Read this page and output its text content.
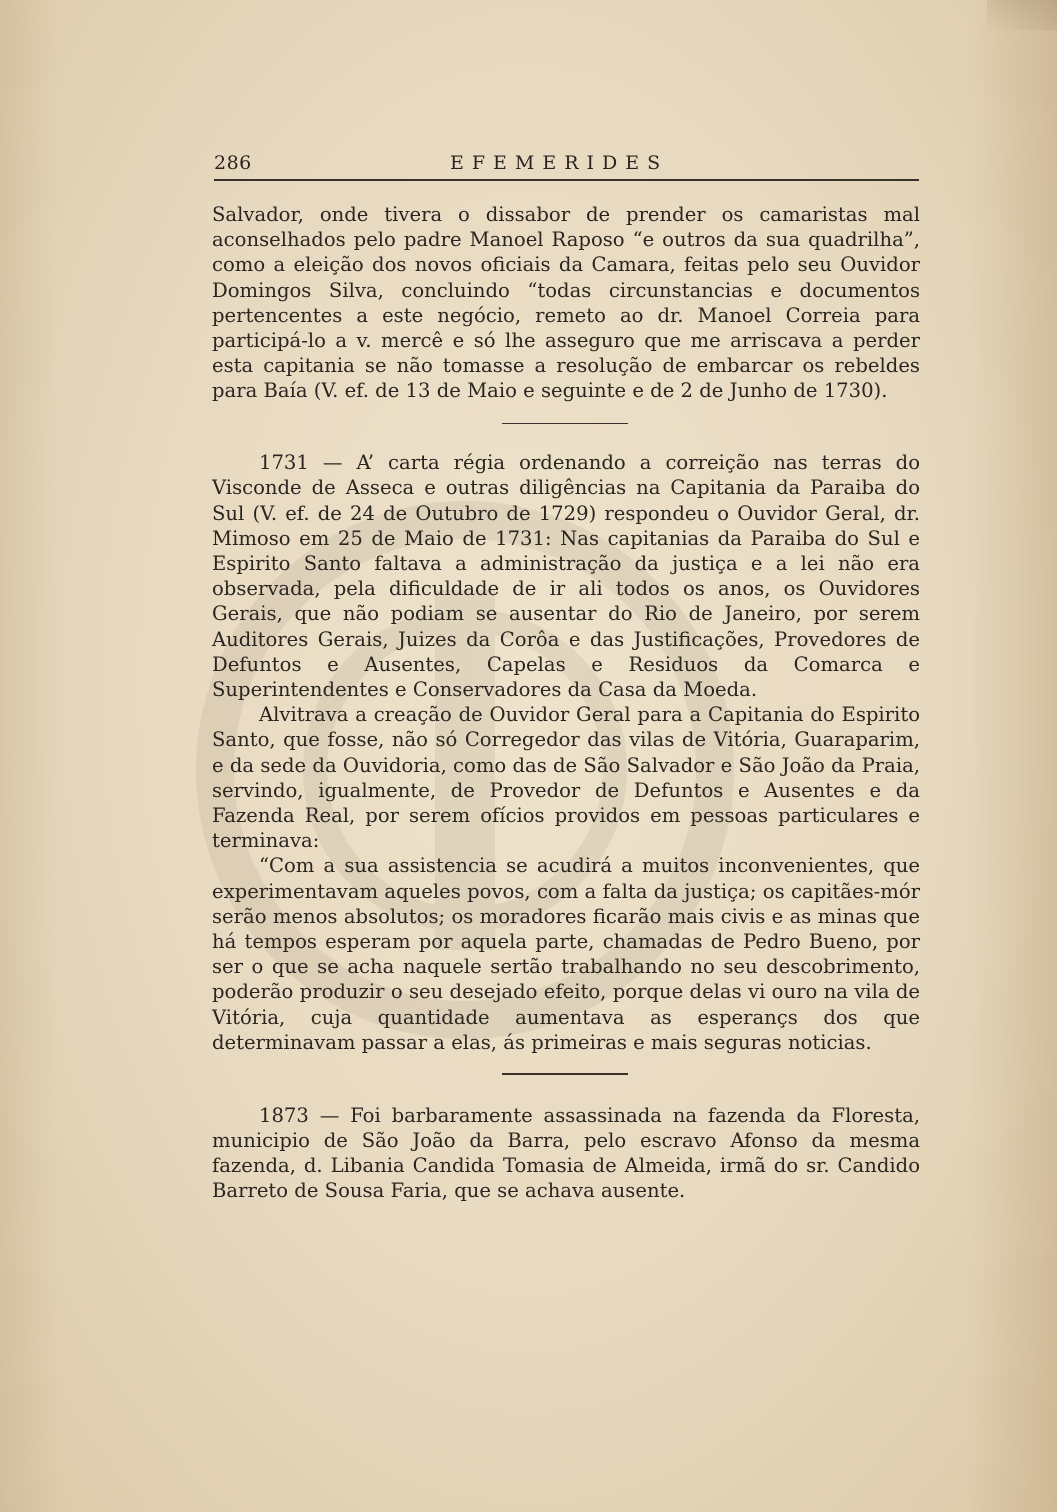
286	EFEMERIDES

Salvador, onde tivera o dissabor de prender os camaristas mal aconselhados pelo padre Manoel Raposo “e outros da sua quadrilha”, como a eleição dos novos oficiais da Camara, feitas pelo seu Ouvidor Domingos Silva, concluindo “todas circunstancias e documentos pertencentes a este negócio, remeto ao dr. Manoel Correia para participá-lo a v. mercê e só lhe asseguro que me arriscava a perder esta capitania se não tomasse a resolução de embarcar os rebeldes para Baía (V. ef. de 13 de Maio e seguinte e de 2 de Junho de 1730).

1731 — A’ carta régia ordenando a correição nas terras do Visconde de Asseca e outras diligências na Capitania da Paraiba do Sul (V. ef. de 24 de Outubro de 1729) respondeu o Ouvidor Geral, dr. Mimoso em 25 de Maio de 1731: Nas capitanias da Paraiba do Sul e Espirito Santo faltava a administração da justiça e a lei não era observada, pela dificuldade de ir ali todos os anos, os Ouvidores Gerais, que não podiam se ausentar do Rio de Janeiro, por serem Auditores Gerais, Juizes da Corôa e das Justificações, Provedores de Defuntos e Ausentes, Capelas e Residuos da Comarca e Superintendentes e Conservadores da Casa da Moeda.

Alvitrava a creação de Ouvidor Geral para a Capitania do Espirito Santo, que fosse, não só Corregedor das vilas de Vitória, Guaraparim, e da sede da Ouvidoria, como das de São Salvador e São João da Praia, servindo, igualmente, de Provedor de Defuntos e Ausentes e da Fazenda Real, por serem ofícios providos em pessoas particulares e terminava:

“Com a sua assistencia se acudirá a muitos inconvenientes, que experimentavam aqueles povos, com a falta da justiça; os capitães-mór serão menos absolutos; os moradores ficarão mais civis e as minas que há tempos esperam por aquela parte, chamadas de Pedro Bueno, por ser o que se acha naquele sertão trabalhando no seu descobrimento, poderão produzir o seu desejado efeito, porque delas vi ouro na vila de Vitória, cuja quantidade aumentava as esperançs dos que determinavam passar a elas, ás primeiras e mais seguras noticias.

1873 — Foi barbaramente assassinada na fazenda da Floresta, municipio de São João da Barra, pelo escravo Afonso da mesma fazenda, d. Libania Candida Tomasia de Almeida, irmã do sr. Candido Barreto de Sousa Faria, que se achava ausente.
